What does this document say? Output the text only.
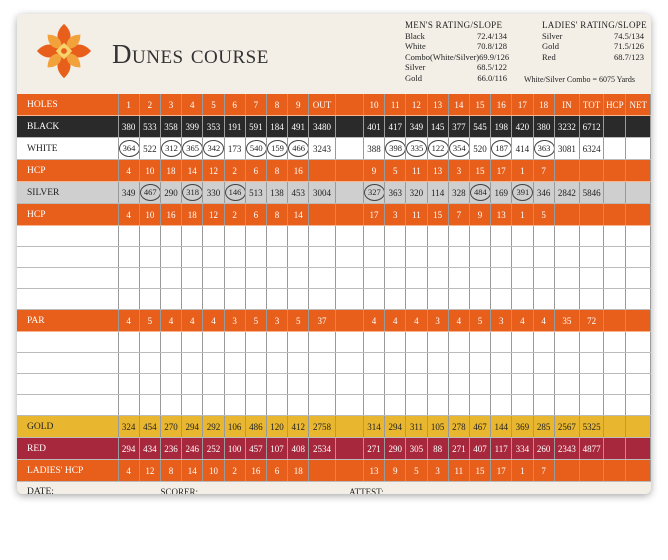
Dunes course
MEN'S RATING/SLOPE
Black	72.4/134
White	70.8/128
Combo(White/Silver) 69.9/126
Silver	68.5/122
Gold	66.0/116
LADIES' RATING/SLOPE
Silver	74.5/134
Gold	71.5/126
Red	68.7/123
White/Silver Combo = 6075 Yards
HOLES	1	2	3	4	5	6	7	8	9	OUT		10	11	12	13	14	15	16	17	18	IN	TOT	HCP	NET
BLACK	380	533	358	399	353	191	591	184	491	3480		401	417	349	145	377	545	198	420	380	3232	6712		
WHITE	364	522	312	365	342	173	540	159	466	3243		388	398	335	122	354	520	187	414	363	3081	6324		
HCP	4	10	18	14	12	2	6	8	16			9	5	11	13	3	15	17	1	7				
SILVER	349	467	290	318	330	146	513	138	453	3004		327	363	320	114	328	484	169	391	346	2842	5846		
HCP	4	10	16	18	12	2	6	8	14			17	3	11	15	7	9	13	1	5				

PAR	4	5	4	4	4	3	5	3	5	37		4	4	4	3	4	5	3	4	4	35	72		

GOLD	324	454	270	294	292	106	486	120	412	2758		314	294	311	105	278	467	144	369	285	2567	5325		
RED	294	434	236	246	252	100	457	107	408	2534		271	290	305	88	271	407	117	334	260	2343	4877		
LADIES' HCP	4	12	8	14	10	2	16	6	18			13	9	5	3	11	15	17	1	7				
DATE:			SCORER:								ATTEST:													
